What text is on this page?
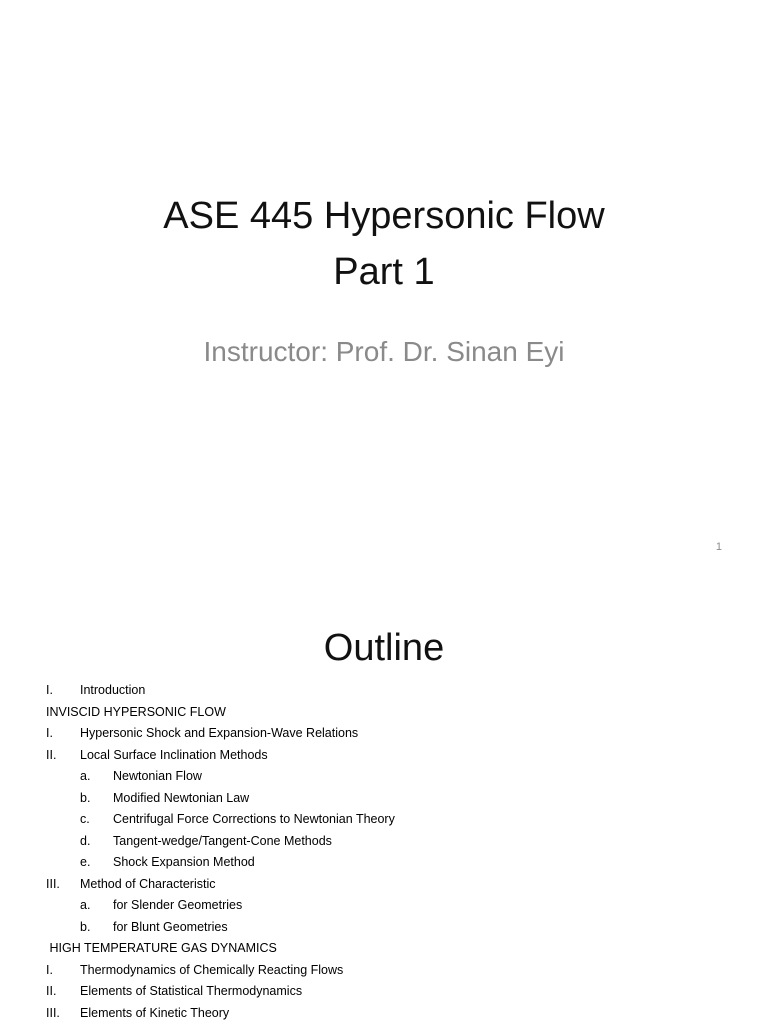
ASE 445 Hypersonic Flow
Part 1
Instructor: Prof. Dr. Sinan Eyi
1
Outline
I. Introduction
INVISCID HYPERSONIC FLOW
I. Hypersonic Shock and Expansion-Wave Relations
II. Local Surface Inclination Methods
a. Newtonian Flow
b. Modified Newtonian Law
c. Centrifugal Force Corrections to Newtonian Theory
d. Tangent-wedge/Tangent-Cone Methods
e. Shock Expansion Method
III. Method of Characteristic
a. for Slender Geometries
b. for Blunt Geometries
HIGH TEMPERATURE GAS DYNAMICS
I. Thermodynamics of Chemically Reacting Flows
II. Elements of Statistical Thermodynamics
III. Elements of Kinetic Theory
